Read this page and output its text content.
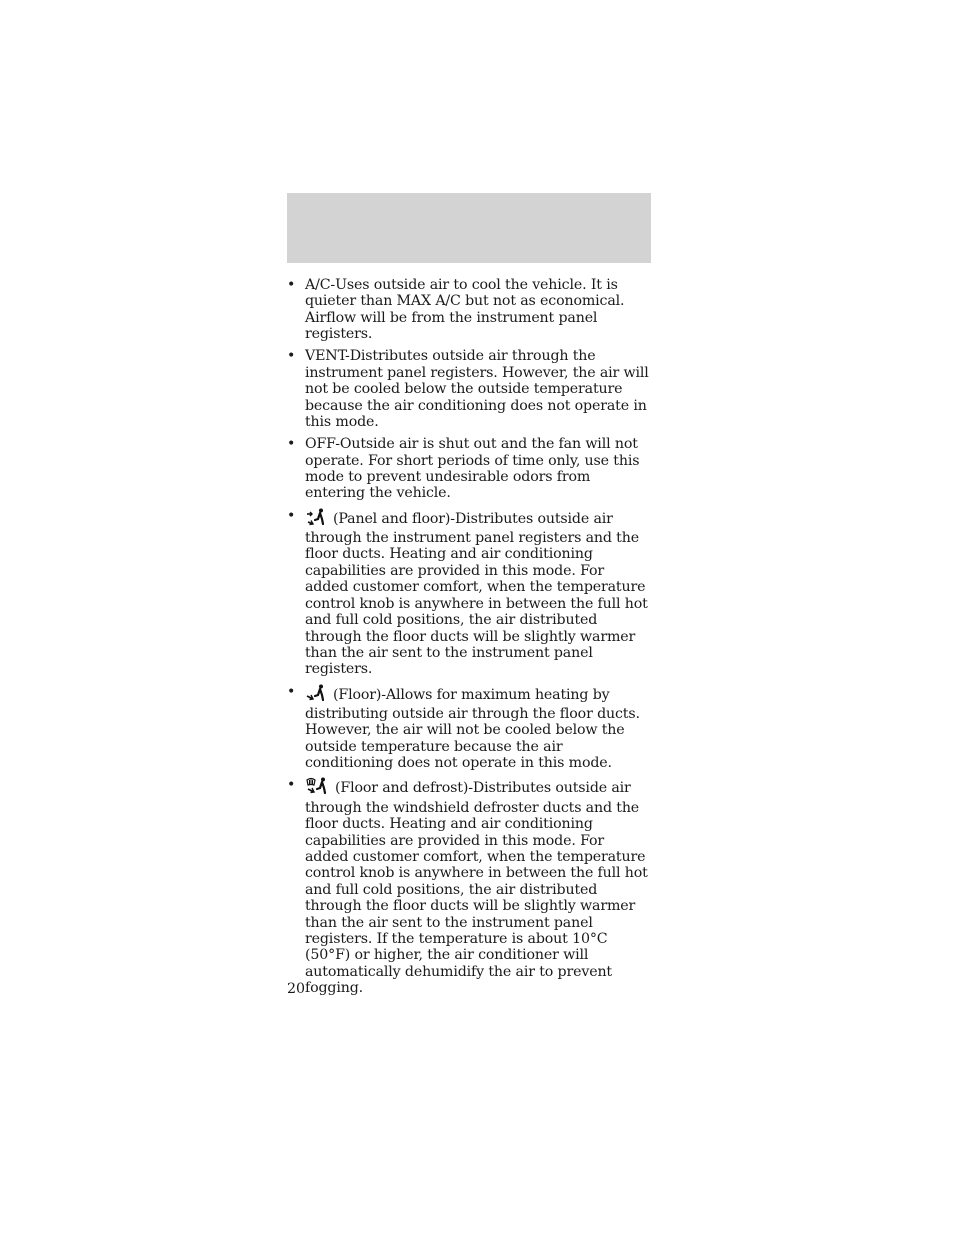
• A/C-Uses outside air to cool the vehicle. It is quieter than MAX A/C but not as economical. Airflow will be from the instrument panel registers.
• VENT-Distributes outside air through the instrument panel registers. However, the air will not be cooled below the outside temperature because the air conditioning does not operate in this mode.
• OFF-Outside air is shut out and the fan will not operate. For short periods of time only, use this mode to prevent undesirable odors from entering the vehicle.
•	(Panel and floor)-Distributes outside air through the instrument panel registers and the floor ducts. Heating and air conditioning capabilities are provided in this mode. For added customer comfort, when the temperature control knob is anywhere in between the full hot and full cold positions, the air distributed through the floor ducts will be slightly warmer than the air sent to the instrument panel registers.
•	(Floor)-Allows for maximum heating by distributing outside air through the floor ducts. However, the air will not be cooled below the outside temperature because the air conditioning does not operate in this mode.
•	(Floor and defrost)-Distributes outside air through the windshield defroster ducts and the floor ducts. Heating and air conditioning capabilities are provided in this mode. For added customer comfort, when the temperature control knob is anywhere in between the full hot and full cold positions, the air distributed through the floor ducts will be slightly warmer than the air sent to the instrument panel registers. If the temperature is about 10°C (50°F) or higher, the air conditioner will automatically dehumidify the air to prevent fogging.
20
